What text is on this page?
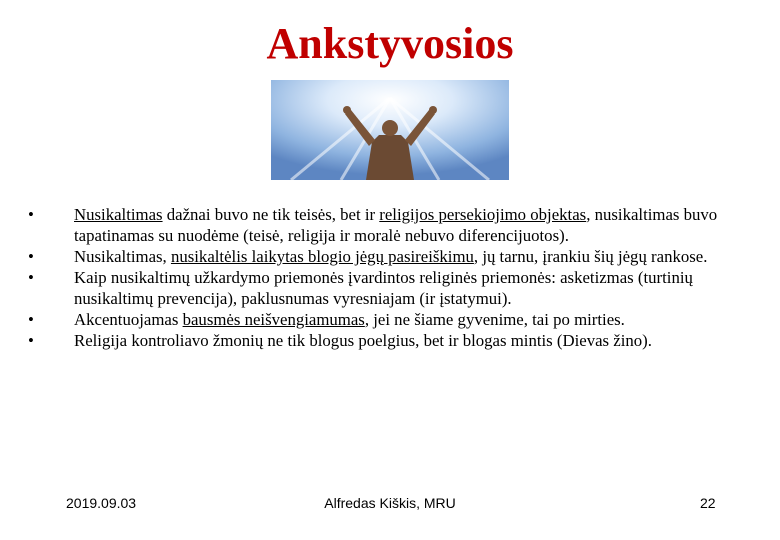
Ankstyvosios
•	Nusikaltimas dažnai buvo ne tik teisės, bet ir religijos persekiojimo objektas, nusikaltimas buvo tapatinamas su nuodėme (teisė, religija ir moralė nebuvo diferencijuotos).
•	Nusikaltimas, nusikaltėlis laikytas blogio jėgų pasireiškimu, jų tarnu, įrankiu šių jėgų rankose.
•	Kaip nusikaltimų užkardymo priemonės įvardintos religinės priemonės: asketizmas (turtinių nusikaltimų prevencija), paklusnumas vyresniajam (ir įstatymui).
•	Akcentuojamas bausmės neišvengiamumas, jei ne šiame gyvenime, tai po mirties.
•	Religija kontroliavo žmonių ne tik blogus poelgius, bet ir blogas mintis (Dievas žino).
2019.09.03	Alfredas Kiškis, MRU	22
